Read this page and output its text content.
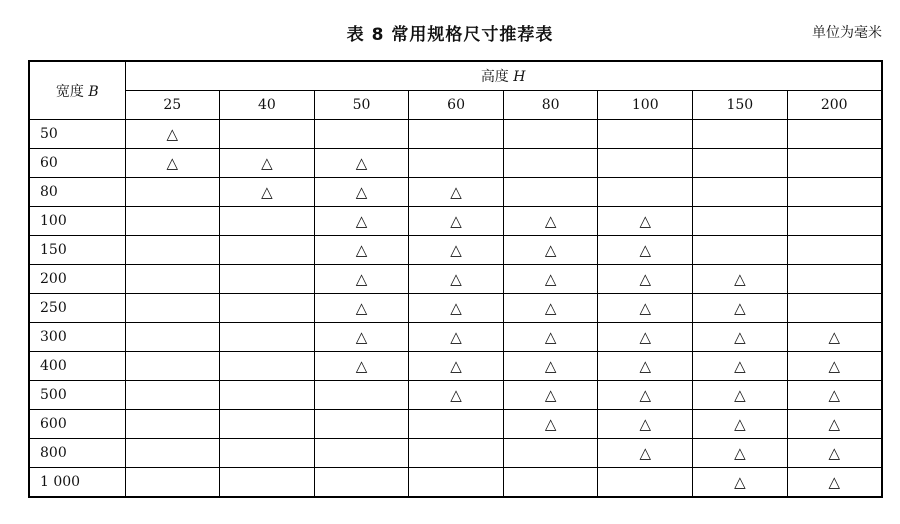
表 8 常用规格尺寸推荐表	单位为毫米
宽度 B	高度 H							
	25	40	50	60	80	100	150	200
50	△							
60	△	△	△					
80		△	△	△				
100			△	△	△	△		
150			△	△	△	△		
200			△	△	△	△	△	
250			△	△	△	△	△	
300			△	△	△	△	△	△
400			△	△	△	△	△	△
500				△	△	△	△	△
600					△	△	△	△
800						△	△	△
1 000							△	△
